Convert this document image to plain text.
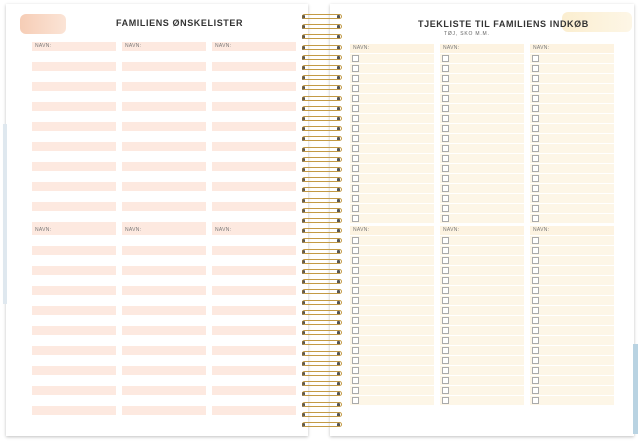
FAMILIENS ØNSKELISTER
NAVN:	NAVN:	NAVN:
NAVN:	NAVN:	NAVN:
TJEKLISTE TIL FAMILIENS INDKØB
TØJ, SKO M.M.
NAVN:	NAVN:	NAVN:
NAVN:	NAVN:	NAVN:
